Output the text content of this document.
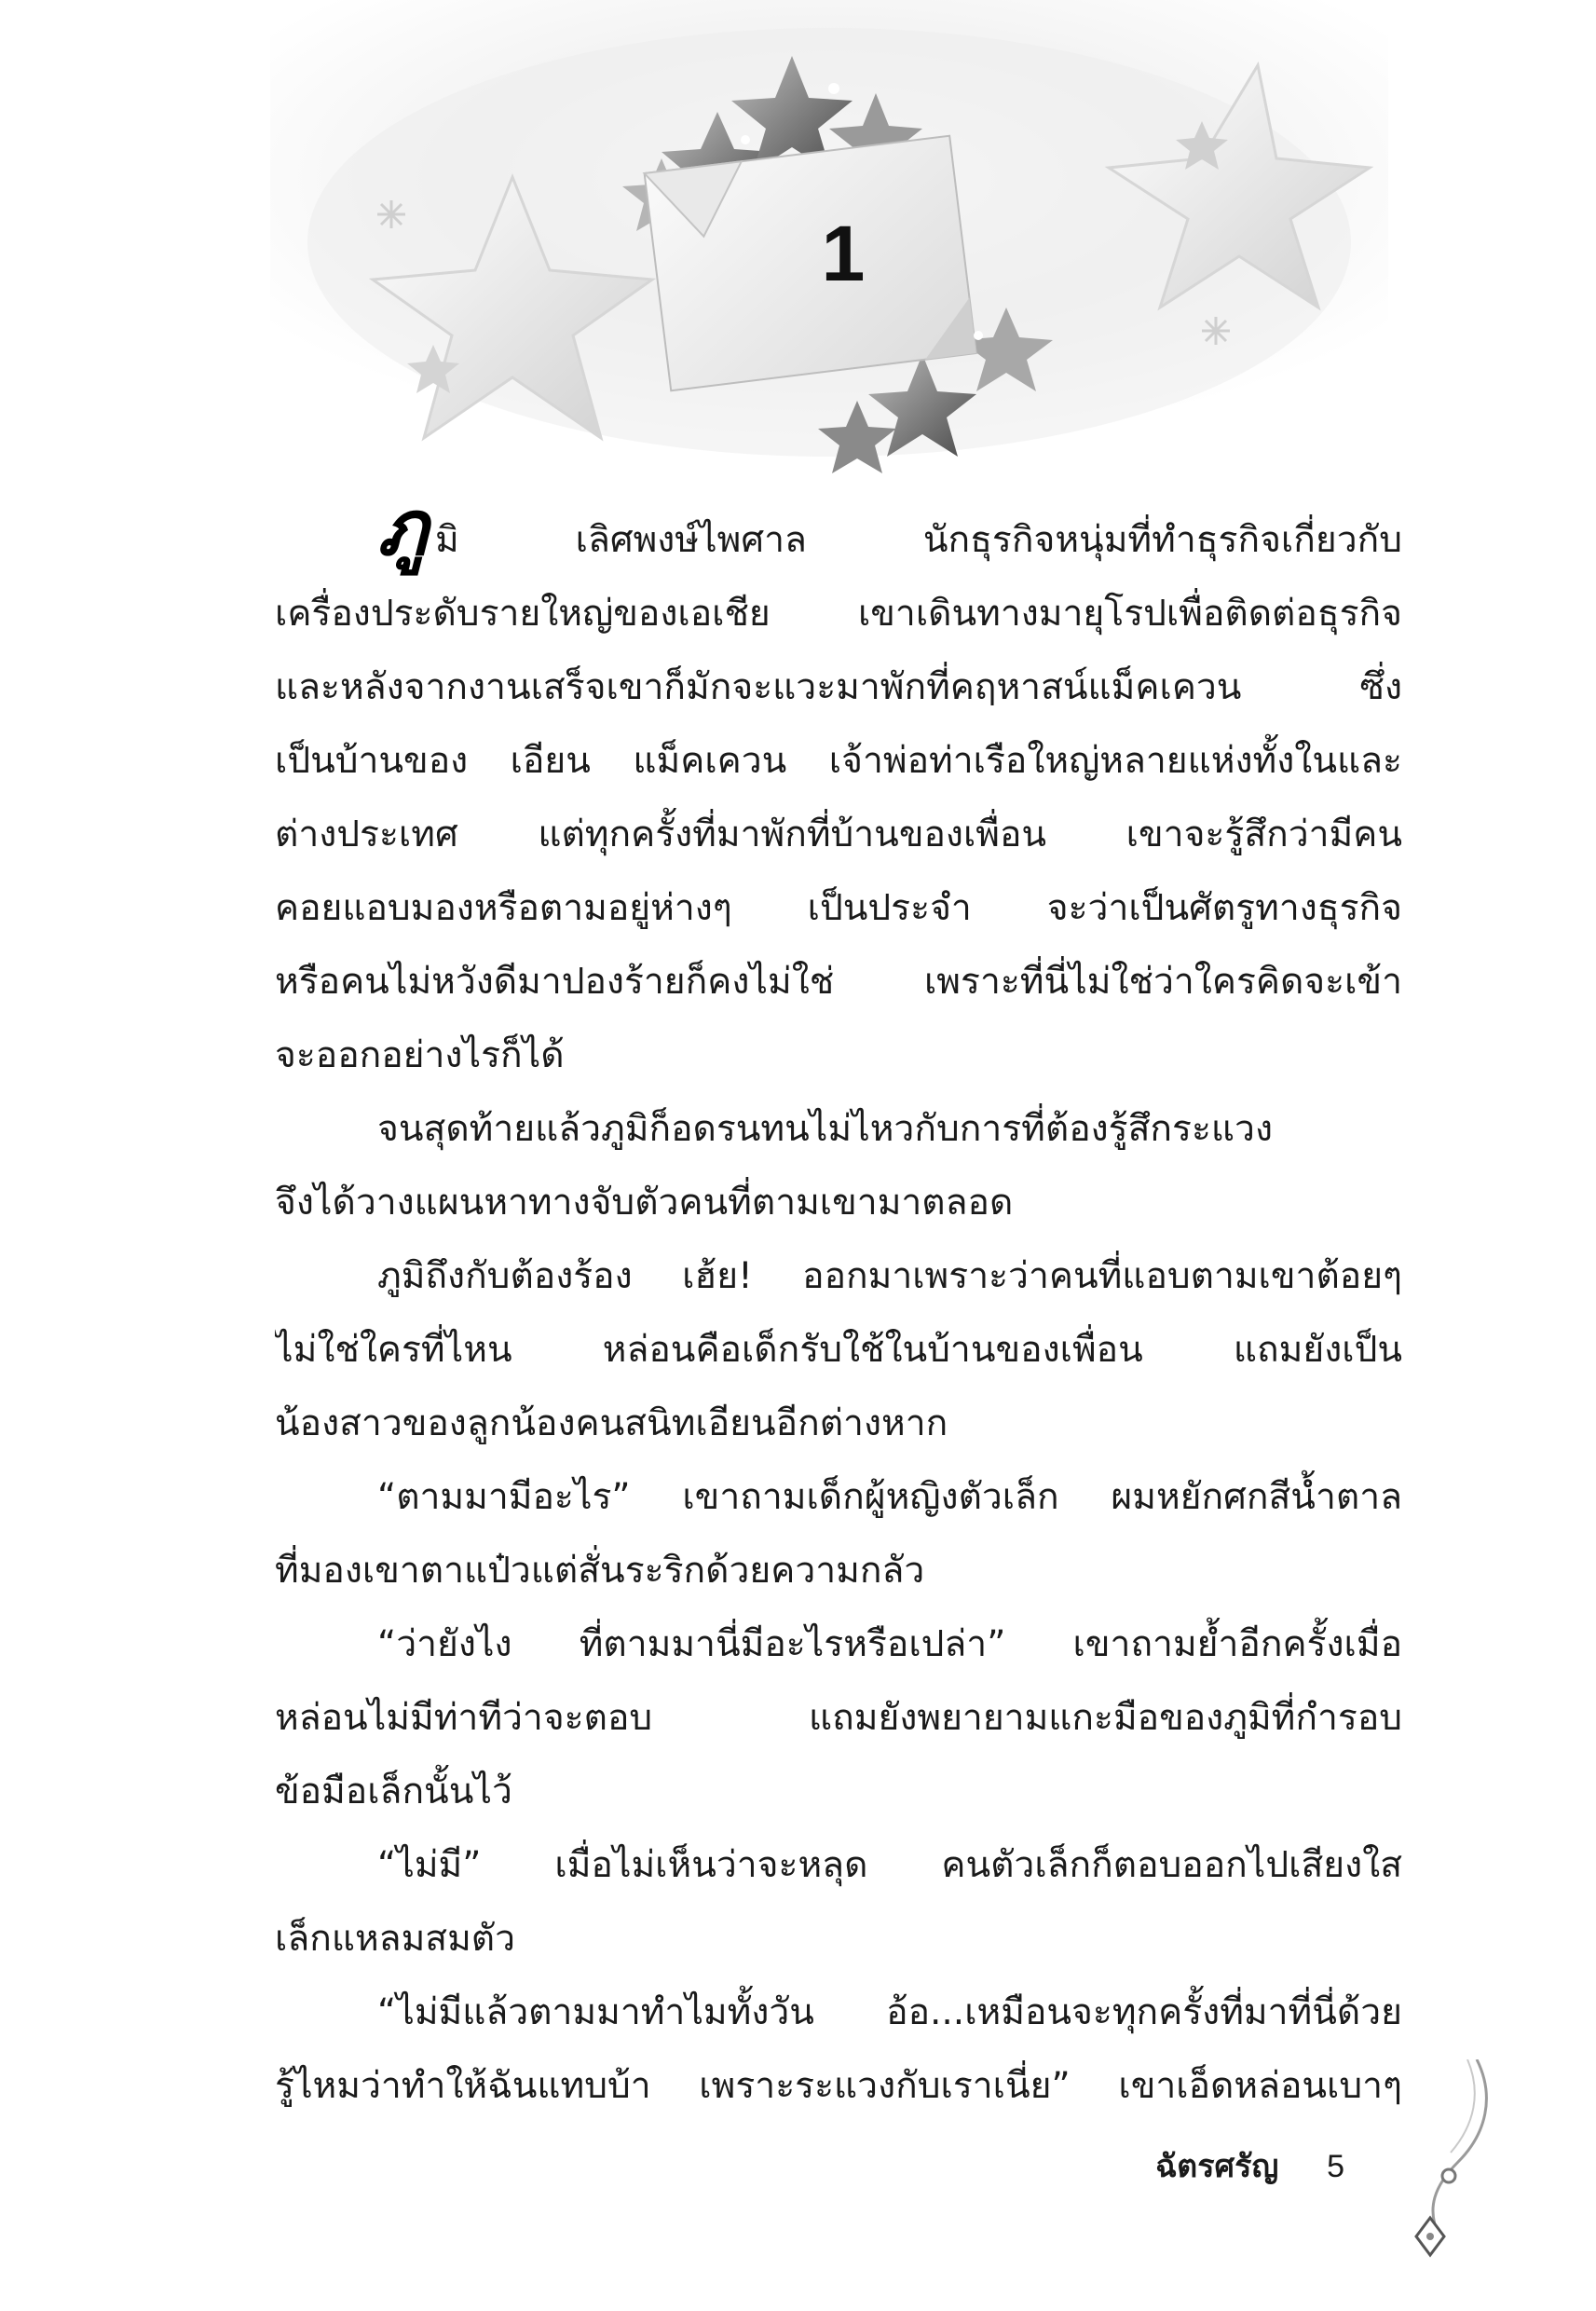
1
ภู มิ เลิศพงษ์ไพศาล นักธุรกิจหนุ่มที่ทำธุรกิจเกี่ยวกับ
เครื่องประดับรายใหญ่ของเอเชีย เขาเดินทางมายุโรปเพื่อติดต่อธุรกิจ
และหลังจากงานเสร็จเขาก็มักจะแวะมาพักที่คฤหาสน์แม็คเควน ซึ่ง
เป็นบ้านของ เอียน แม็คเควน เจ้าพ่อท่าเรือใหญ่หลายแห่งทั้งในและ
ต่างประเทศ แต่ทุกครั้งที่มาพักที่บ้านของเพื่อน เขาจะรู้สึกว่ามีคน
คอยแอบมองหรือตามอยู่ห่างๆ เป็นประจำ จะว่าเป็นศัตรูทางธุรกิจ
หรือคนไม่หวังดีมาปองร้ายก็คงไม่ใช่ เพราะที่นี่ไม่ใช่ว่าใครคิดจะเข้า
จะออกอย่างไรก็ได้
จนสุดท้ายแล้วภูมิก็อดรนทนไม่ไหวกับการที่ต้องรู้สึกระแวง
จึงได้วางแผนหาทางจับตัวคนที่ตามเขามาตลอด
ภูมิถึงกับต้องร้อง เฮ้ย! ออกมาเพราะว่าคนที่แอบตามเขาต้อยๆ
ไม่ใช่ใครที่ไหน หล่อนคือเด็กรับใช้ในบ้านของเพื่อน แถมยังเป็น
น้องสาวของลูกน้องคนสนิทเอียนอีกต่างหาก
“ตามมามีอะไร” เขาถามเด็กผู้หญิงตัวเล็ก ผมหยักศกสีน้ำตาล
ที่มองเขาตาแป๋วแต่สั่นระริกด้วยความกลัว
“ว่ายังไง ที่ตามมานี่มีอะไรหรือเปล่า” เขาถามย้ำอีกครั้งเมื่อ
หล่อนไม่มีท่าทีว่าจะตอบ แถมยังพยายามแกะมือของภูมิที่กำรอบ
ข้อมือเล็กนั้นไว้
“ไม่มี” เมื่อไม่เห็นว่าจะหลุด คนตัวเล็กก็ตอบออกไปเสียงใส
เล็กแหลมสมตัว
“ไม่มีแล้วตามมาทำไมทั้งวัน อ้อ...เหมือนจะทุกครั้งที่มาที่นี่ด้วย
รู้ไหมว่าทำให้ฉันแทบบ้า เพราะระแวงกับเราเนี่ย” เขาเอ็ดหล่อนเบาๆ
ฉัตรศรัญ 5
